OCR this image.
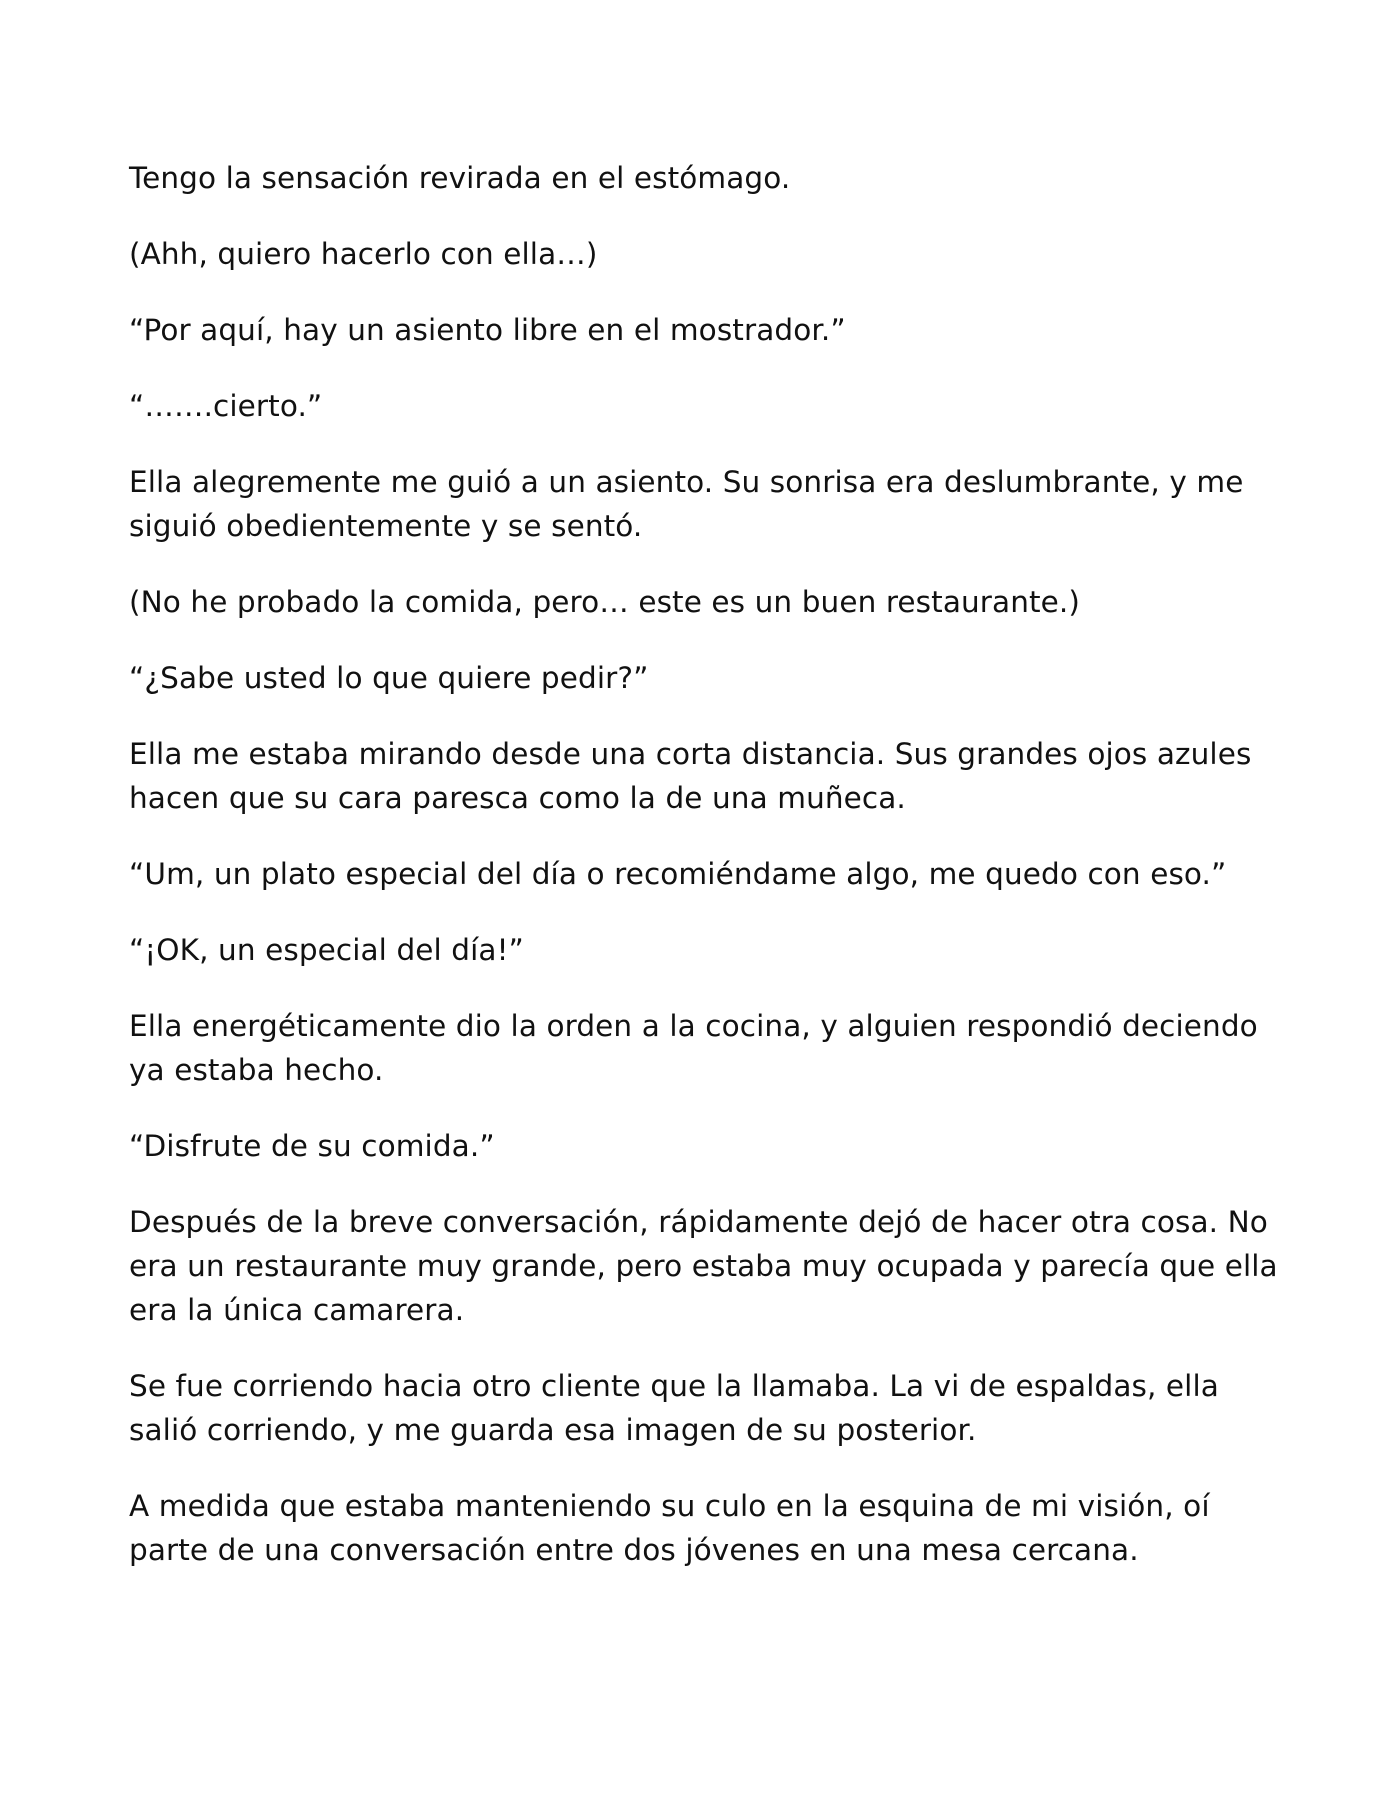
Tengo la sensación revirada en el estómago.

(Ahh, quiero hacerlo con ella…)

“Por aquí, hay un asiento libre en el mostrador.”

“…….cierto.”

Ella alegremente me guió a un asiento. Su sonrisa era deslumbrante, y me siguió obedientemente y se sentó.

(No he probado la comida, pero… este es un buen restaurante.)

“¿Sabe usted lo que quiere pedir?”

Ella me estaba mirando desde una corta distancia. Sus grandes ojos azules hacen que su cara paresca como la de una muñeca.

“Um, un plato especial del día o recomiéndame algo, me quedo con eso.”

“¡OK, un especial del día!”

Ella energéticamente dio la orden a la cocina, y alguien respondió deciendo ya estaba hecho.

“Disfrute de su comida.”

Después de la breve conversación, rápidamente dejó de hacer otra cosa. No era un restaurante muy grande, pero estaba muy ocupada y parecía que ella era la única camarera.

Se fue corriendo hacia otro cliente que la llamaba. La vi de espaldas, ella salió corriendo, y me guarda esa imagen de su posterior.

A medida que estaba manteniendo su culo en la esquina de mi visión, oí parte de una conversación entre dos jóvenes en una mesa cercana.
